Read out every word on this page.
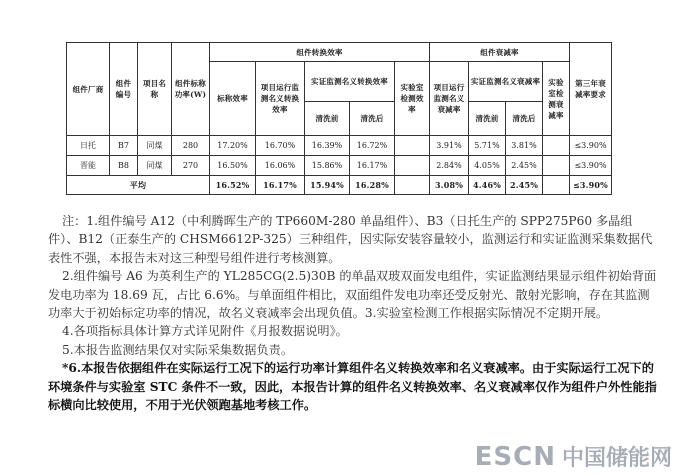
组件厂商	组件编号	项目名称	组件标称功率(W)	组件转换效率					组件衰减率				第三年衰减率要求

				标称效率	项目运行监测名义转换效率	实证监测名义转换效率		实验室检测效率	项目运行监测名义衰减率	实证监测名义衰减率		实验室检测衰减率	

						清洗前	清洗后			清洗前	清洗后		
日托	B7	同煤	280	17.20%	16.70%	16.39%	16.72%		3.91%	5.71%	3.81%		≤3.90%
晋能	B8	同煤	270	16.50%	16.06%	15.86%	16.17%		2.84%	4.05%	2.45%		≤3.90%
平均				16.52%	16.17%	15.94%	16.28%		3.08%	4.46%	2.45%		≤3.90%

注：1.组件编号 A12（中利腾晖生产的 TP660M-280 单晶组件）、B3（日托生产的 SPP275P60 多晶组件）、B12（正泰生产的 CHSM6612P-325）三种组件，因实际安装容量较小，监测运行和实证监测采集数据代表性不强，本报告未对这三种型号组件进行考核测算。

2.组件编号 A6 为英利生产的 YL285CG(2.5)30B 的单晶双玻双面发电组件，实证监测结果显示组件初始背面发电功率为 18.69 瓦，占比 6.6%。与单面组件相比，双面组件发电功率还受反射光、散射光影响，存在其监测功率大于初始标定功率的情况，故名义衰减率会出现负值。3.实验室检测工作根据实际情况不定期开展。

4.各项指标具体计算方式详见附件《月报数据说明》。

5.本报告监测结果仅对实际采集数据负责。

*6.本报告依据组件在实际运行工况下的运行功率计算组件名义转换效率和名义衰减率。由于实际运行工况下的环境条件与实验室 STC 条件不一致，因此，本报告计算的组件名义转换效率、名义衰减率仅作为组件户外性能指标横向比较使用，不用于光伏领跑基地考核工作。

ESCN 中国储能网
